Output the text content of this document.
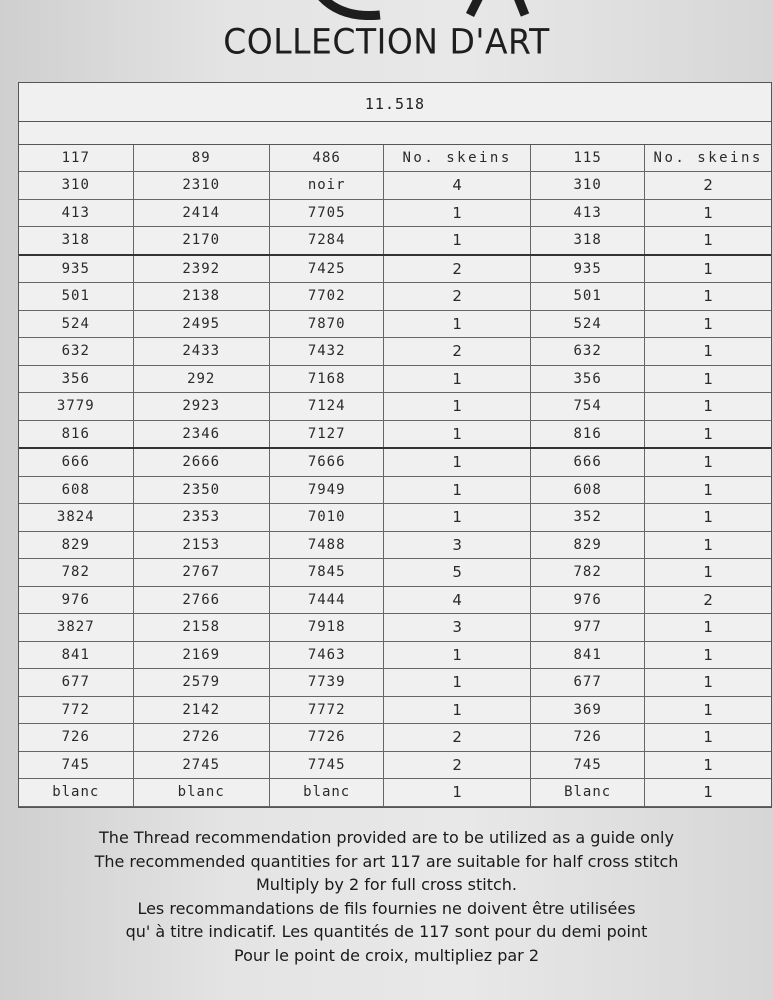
COLLECTION D'ART
11.518
117	89	486	No. skeins	115	No. skeins
310	2310	noir	4	310	2
413	2414	7705	1	413	1
318	2170	7284	1	318	1
935	2392	7425	2	935	1
501	2138	7702	2	501	1
524	2495	7870	1	524	1
632	2433	7432	2	632	1
356	292	7168	1	356	1
3779	2923	7124	1	754	1
816	2346	7127	1	816	1
666	2666	7666	1	666	1
608	2350	7949	1	608	1
3824	2353	7010	1	352	1
829	2153	7488	3	829	1
782	2767	7845	5	782	1
976	2766	7444	4	976	2
3827	2158	7918	3	977	1
841	2169	7463	1	841	1
677	2579	7739	1	677	1
772	2142	7772	1	369	1
726	2726	7726	2	726	1
745	2745	7745	2	745	1
blanc	blanc	blanc	1	Blanc	1
The Thread recommendation provided are to be utilized as a guide only
The recommended quantities for art 117 are suitable for half cross stitch
Multiply by 2 for full cross stitch.
Les recommandations de fils fournies ne doivent être utilisées
qu' à titre indicatif. Les quantités de 117 sont pour du demi point
Pour le point de croix, multipliez par 2
